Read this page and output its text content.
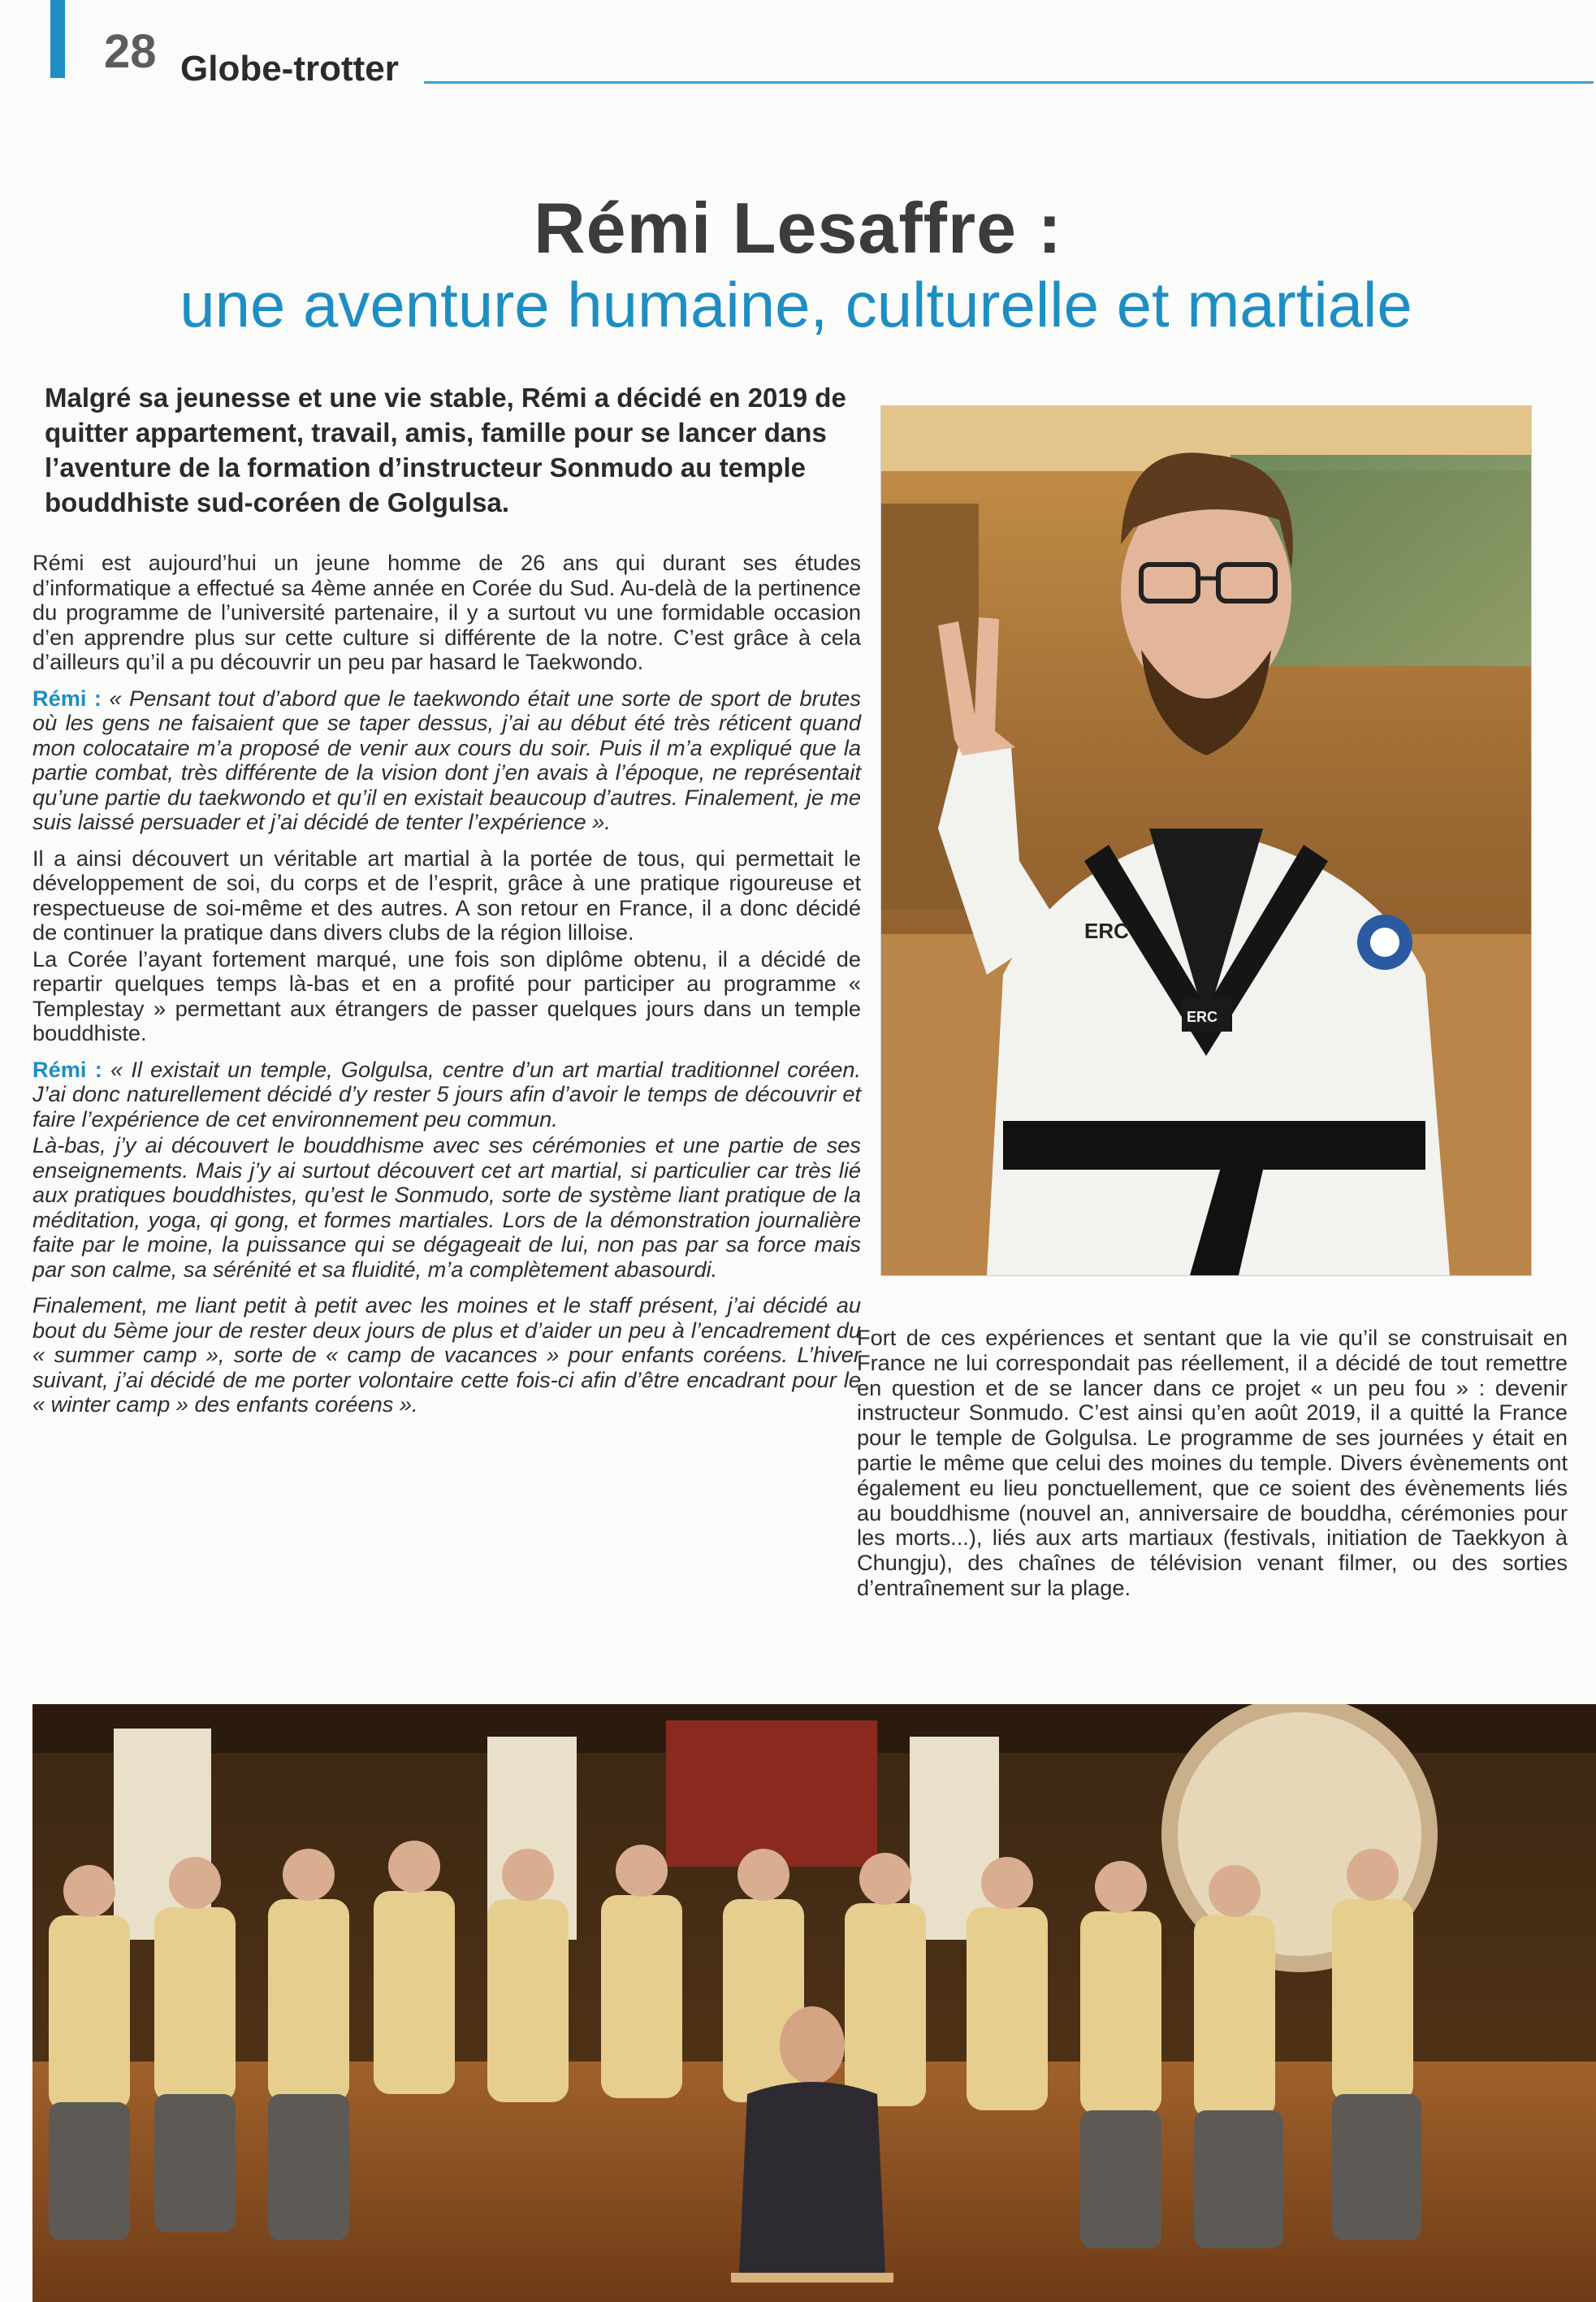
28 Globe-trotter
Rémi Lesaffre :
une aventure humaine, culturelle et martiale
Malgré sa jeunesse et une vie stable, Rémi a décidé en 2019 de quitter appartement, travail, amis, famille pour se lancer dans l’aventure de la formation d’instructeur Sonmudo au temple bouddhiste sud-coréen de Golgulsa.

Rémi est aujourd’hui un jeune homme de 26 ans qui durant ses études d’informatique a effectué sa 4ème année en Corée du Sud. Au-delà de la pertinence du programme de l’université partenaire, il y a surtout vu une formidable occasion d’en apprendre plus sur cette culture si différente de la notre. C’est grâce à cela d’ailleurs qu’il a pu découvrir un peu par hasard le Taekwondo.

Rémi : « Pensant tout d’abord que le taekwondo était une sorte de sport de brutes où les gens ne faisaient que se taper dessus, j’ai au début été très réticent quand mon colocataire m’a proposé de venir aux cours du soir. Puis il m’a expliqué que la partie combat, très différente de la vision dont j’en avais à l’époque, ne représentait qu’une partie du taekwondo et qu’il en existait beaucoup d’autres. Finalement, je me suis laissé persuader et j’ai décidé de tenter l’expérience ».

Il a ainsi découvert un véritable art martial à la portée de tous, qui permettait le développement de soi, du corps et de l’esprit, grâce à une pratique rigoureuse et respectueuse de soi-même et des autres. A son retour en France, il a donc décidé de continuer la pratique dans divers clubs de la région lilloise.

La Corée l’ayant fortement marqué, une fois son diplôme obtenu, il a décidé de repartir quelques temps là-bas et en a profité pour participer au programme « Templestay » permettant aux étrangers de passer quelques jours dans un temple bouddhiste.

Rémi : « Il existait un temple, Golgulsa, centre d’un art martial traditionnel coréen. J’ai donc naturellement décidé d’y rester 5 jours afin d’avoir le temps de découvrir et faire l’expérience de cet environnement peu commun.

Là-bas, j’y ai découvert le bouddhisme avec ses cérémonies et une partie de ses enseignements. Mais j’y ai surtout découvert cet art martial, si particulier car très lié aux pratiques bouddhistes, qu’est le Sonmudo, sorte de système liant pratique de la méditation, yoga, qi gong, et formes martiales. Lors de la démonstration journalière faite par le moine, la puissance qui se dégageait de lui, non pas par sa force mais par son calme, sa sérénité et sa fluidité, m’a complètement abasourdi.

Finalement, me liant petit à petit avec les moines et le staff présent, j’ai décidé au bout du 5ème jour de rester deux jours de plus et d’aider un peu à l’encadrement du « summer camp », sorte de « camp de vacances » pour enfants coréens. L’hiver suivant, j’ai décidé de me porter volontaire cette fois-ci afin d’être encadrant pour le « winter camp » des enfants coréens ».

Fort de ces expériences et sentant que la vie qu’il se construisait en France ne lui correspondait pas réellement, il a décidé de tout remettre en question et de se lancer dans ce projet « un peu fou » : devenir instructeur Sonmudo. C’est ainsi qu’en août 2019, il a quitté la France pour le temple de Golgulsa. Le programme de ses journées y était en partie le même que celui des moines du temple. Divers évènements ont également eu lieu ponctuellement, que ce soient des évènements liés au bouddhisme (nouvel an, anniversaire de bouddha, cérémonies pour les morts...), liés aux arts martiaux (festivals, initiation de Taekkyon à Chungju), des chaînes de télévision venant filmer, ou des sorties d’entraînement sur la plage.

ERC
ERC
